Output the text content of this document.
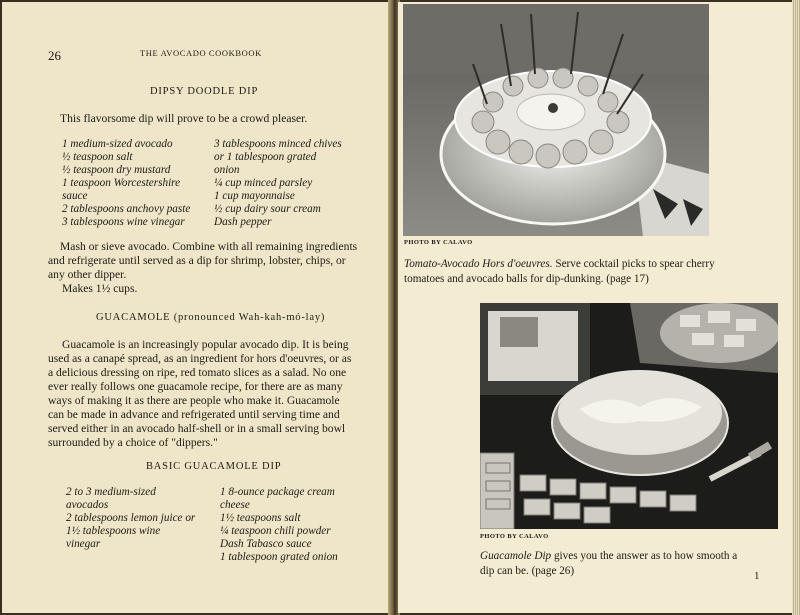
26	THE AVOCADO COOKBOOK
DIPSY DOODLE DIP
This flavorsome dip will prove to be a crowd pleaser.
1 medium-sized avocado
½ teaspoon salt
½ teaspoon dry mustard
1 teaspoon Worcestershire
sauce
2 tablespoons anchovy paste
3 tablespoons wine vinegar
3 tablespoons minced chives
or 1 tablespoon grated
onion
¼ cup minced parsley
1 cup mayonnaise
½ cup dairy sour cream
Dash pepper
Mash or sieve avocado. Combine with all remaining ingredients
and refrigerate until served as a dip for shrimp, lobster, chips, or
any other dipper.
Makes 1½ cups.
GUACAMOLE (pronounced Wah-kah-mó-lay)
Guacamole is an increasingly popular avocado dip. It is being
used as a canapé spread, as an ingredient for hors d'oeuvres, or as
a delicious dressing on ripe, red tomato slices as a salad. No one
ever really follows one guacamole recipe, for there are as many
ways of making it as there are people who make it. Guacamole
can be made in advance and refrigerated until serving time and
served either in an avocado half-shell or in a small serving bowl
surrounded by a choice of "dippers."
BASIC GUACAMOLE DIP
2 to 3 medium-sized
avocados
2 tablespoons lemon juice or
1½ tablespoons wine
vinegar
1 8-ounce package cream
cheese
1½ teaspoons salt
¼ teaspoon chili powder
Dash Tabasco sauce
1 tablespoon grated onion
PHOTO BY CALAVO
Tomato-Avocado Hors d'oeuvres. Serve cocktail picks to spear cherry
tomatoes and avocado balls for dip-dunking. (page 17)
PHOTO BY CALAVO
Guacamole Dip gives you the answer as to how smooth a
dip can be. (page 26)	1
